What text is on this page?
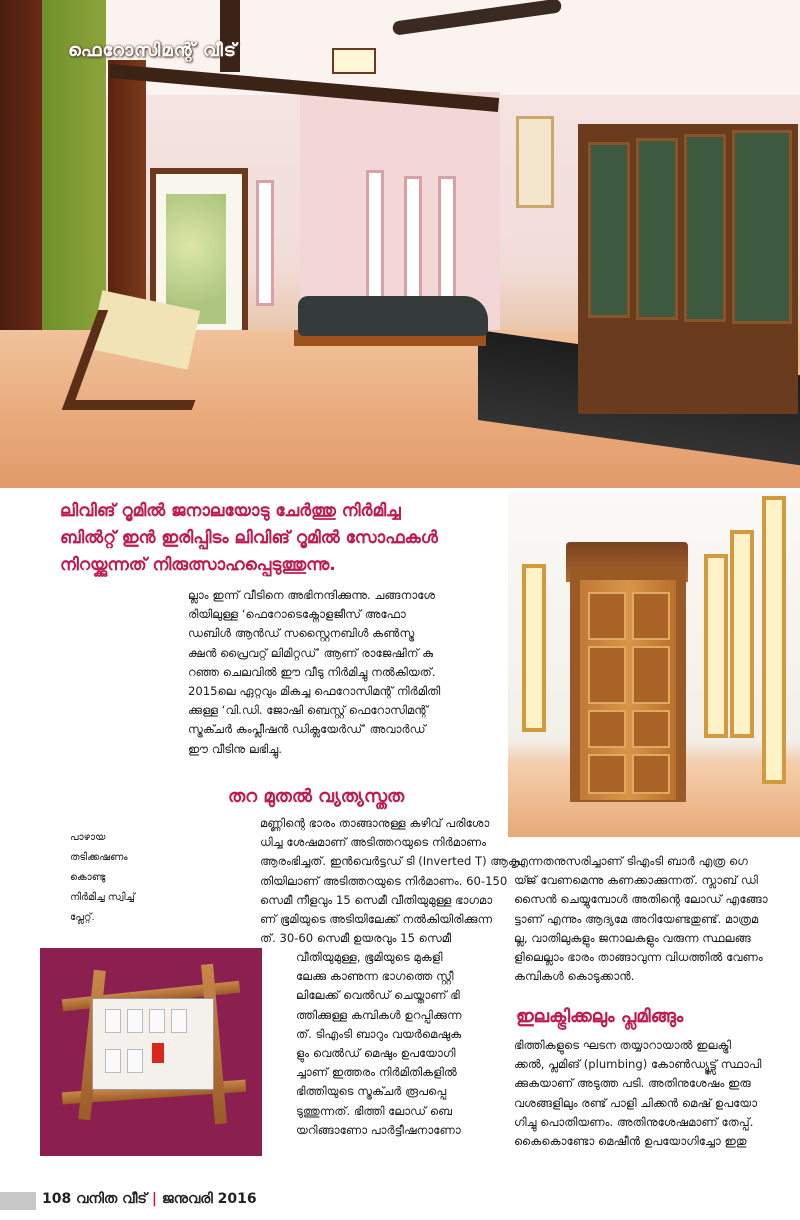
ഫെറോസിമന്റ് വീട്
ലിവിങ് റൂമിൽ ജനാലയോടു ചേർത്തു നിർമിച്ച
ബിൽറ്റ് ഇൻ ഇരിപ്പിടം ലിവിങ് റൂമിൽ സോഫകൾ
നിറയ്ക്കുന്നത് നിരുത്സാഹപ്പെടുത്തുന്നു.
ല്ലാം ഇന്ന് വീടിനെ അഭിനന്ദിക്കുന്നു. ചങ്ങനാശേ
രിയിലുള്ള ‘ഫെറോടെക്നോളജീസ് അഫോ
ഡബിൾ ആൻഡ് സസ്റ്റൈനബിൾ കൺസ്ട്ര
ക്ഷൻ പ്രൈവറ്റ് ലിമിറ്റഡ്’ ആണ് രാജേഷിന് കു
റഞ്ഞ ചെലവിൽ ഈ വീടു നിർമിച്ചു നൽകിയത്.
2015ലെ ഏറ്റവും മികച്ച ഫെറോസിമന്റ് നിർമിതി
ക്കുള്ള ‘വി.ഡി. ജോഷി ബെസ്റ്റ് ഫെറോസിമന്റ്
സ്ട്രക്ചർ കംപ്ലീഷൻ ഡിക്ലയേർഡ്’ അവാർഡ്
ഈ വീടിനു ലഭിച്ചു.
തറ മുതൽ വ്യത്യസ്തത
മണ്ണിന്റെ ഭാരം താങ്ങാനുള്ള കഴിവ് പരിശോ
ധിച്ച ശേഷമാണ് അടിത്തറയുടെ നിർമാണം
ആരംഭിച്ചത്. ഇൻവെർട്ടഡ് ടി (Inverted T) ആകൃ
തിയിലാണ് അടിത്തറയുടെ നിർമാണം. 60-150
സെമീ നീളവും 15 സെമീ വീതിയുമുള്ള ഭാഗമാ
ണ് ഭൂമിയുടെ അടിയിലേക്ക് നൽകിയിരിക്കുന്ന
ത്. 30-60 സെമീ ഉയരവും 15 സെമീ
വീതിയുമുള്ള, ഭൂമിയുടെ മുകളി
ലേക്കു കാണുന്ന ഭാഗത്തെ സ്റ്റീ
ലിലേക്ക് വെൽഡ് ചെയ്താണ് ഭി
ത്തിക്കുള്ള കമ്പികൾ ഉറപ്പിക്കുന്ന
ത്. ടിഎംടി ബാറും വയർമെഷുക
ളും വെൽഡ് മെഷും ഉപയോഗി
ച്ചാണ് ഇത്തരം നിർമിതികളിൽ
ഭിത്തിയുടെ സ്ട്രക്ചർ രൂപപ്പെ
ടുത്തുന്നത്. ഭിത്തി ലോഡ് ബെ
യറിങ്ങാണോ പാർട്ടീഷനാണോ
എന്നതനുസരിച്ചാണ് ടിഎംടി ബാർ എത്ര ഗെ
യ്ജ് വേണമെന്നു കണക്കാക്കുന്നത്. സ്ലാബ് ഡി
സൈൻ ചെയ്യുമ്പോൾ അതിന്റെ ലോഡ് എങ്ങോ
ട്ടാണ് എന്നും ആദ്യമേ അറിയേണ്ടതുണ്ട്. മാത്രമ
ല്ല, വാതിലുകളും ജനാലകളും വരുന്ന സ്ഥലങ്ങ
ളിലെല്ലാം ഭാരം താങ്ങാവുന്ന വിധത്തിൽ വേണം
കമ്പികൾ കൊടുക്കാൻ.
ഇലക്ട്രിക്കലും പ്ലമിങ്ങും
ഭിത്തികളുടെ ഘടന തയ്യാറായാൽ ഇലക്ട്രി
ക്കൽ, പ്ലമിങ് (plumbing) കോൺഡ്യൂട്ട്സ് സ്ഥാപി
ക്കുകയാണ് അടുത്ത പടി. അതിനുശേഷം ഇരു
വശങ്ങളിലും രണ്ട് പാളി ചിക്കൻ മെഷ് ഉപയോ
ഗിച്ചു പൊതിയണം. അതിനുശേഷമാണ് തേപ്പ്.
കൈകൊണ്ടോ മെഷീൻ ഉപയോഗിച്ചോ ഇതു
പാഴായ
തടിക്കഷണം
കൊണ്ടു
നിർമിച്ച സ്വിച്ച്
പ്ലേറ്റ്.
108 വനിത വീട് | ജനുവരി 2016
